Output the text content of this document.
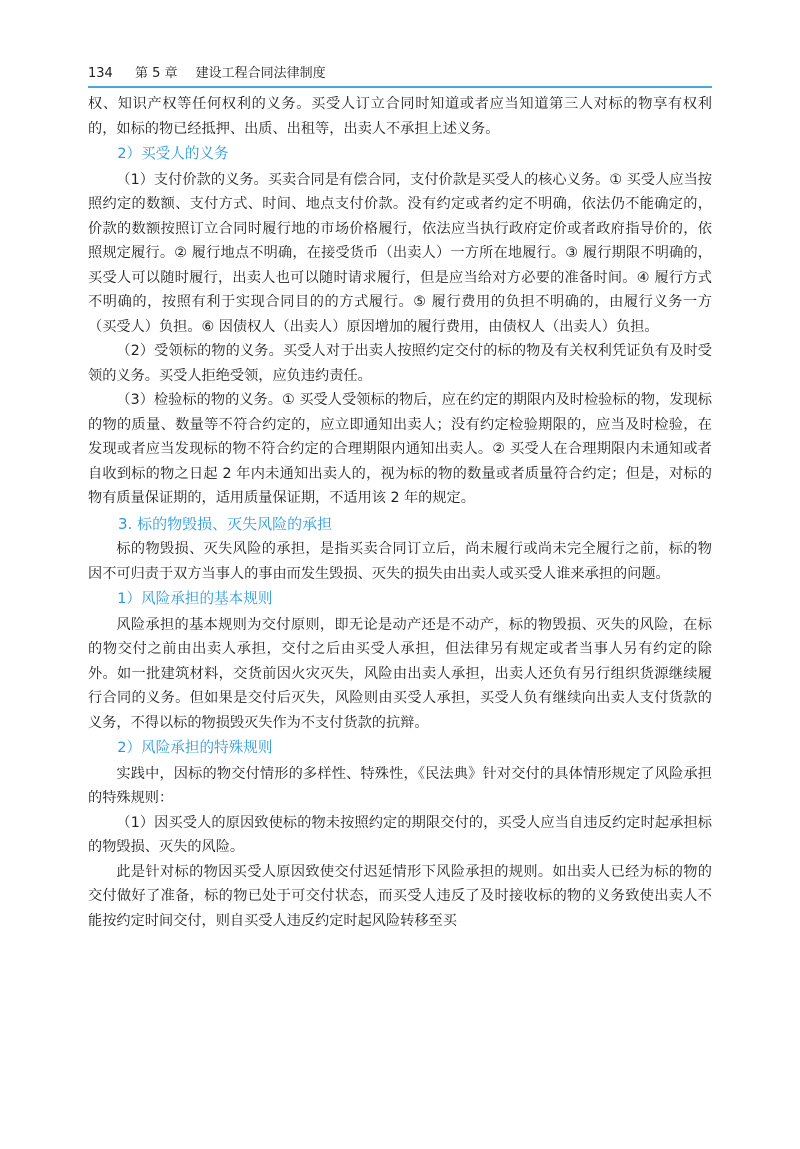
134 第 5 章 建设工程合同法律制度

权、知识产权等任何权利的义务。买受人订立合同时知道或者应当知道第三人对标的物享有权利的，如标的物已经抵押、出质、出租等，出卖人不承担上述义务。

2）买受人的义务

（1）支付价款的义务。买卖合同是有偿合同，支付价款是买受人的核心义务。① 买受人应当按照约定的数额、支付方式、时间、地点支付价款。没有约定或者约定不明确，依法仍不能确定的，价款的数额按照订立合同时履行地的市场价格履行，依法应当执行政府定价或者政府指导价的，依照规定履行。② 履行地点不明确，在接受货币（出卖人）一方所在地履行。③ 履行期限不明确的，买受人可以随时履行，出卖人也可以随时请求履行，但是应当给对方必要的准备时间。④ 履行方式不明确的，按照有利于实现合同目的的方式履行。⑤ 履行费用的负担不明确的，由履行义务一方（买受人）负担。⑥ 因债权人（出卖人）原因增加的履行费用，由债权人（出卖人）负担。

（2）受领标的物的义务。买受人对于出卖人按照约定交付的标的物及有关权利凭证负有及时受领的义务。买受人拒绝受领，应负违约责任。

（3）检验标的物的义务。① 买受人受领标的物后，应在约定的期限内及时检验标的物，发现标的物的质量、数量等不符合约定的，应立即通知出卖人；没有约定检验期限的，应当及时检验，在发现或者应当发现标的物不符合约定的合理期限内通知出卖人。② 买受人在合理期限内未通知或者自收到标的物之日起 2 年内未通知出卖人的，视为标的物的数量或者质量符合约定；但是，对标的物有质量保证期的，适用质量保证期，不适用该 2 年的规定。

3. 标的物毁损、灭失风险的承担

标的物毁损、灭失风险的承担，是指买卖合同订立后，尚未履行或尚未完全履行之前，标的物因不可归责于双方当事人的事由而发生毁损、灭失的损失由出卖人或买受人谁来承担的问题。

1）风险承担的基本规则

风险承担的基本规则为交付原则，即无论是动产还是不动产，标的物毁损、灭失的风险，在标的物交付之前由出卖人承担，交付之后由买受人承担，但法律另有规定或者当事人另有约定的除外。如一批建筑材料，交货前因火灾灭失，风险由出卖人承担，出卖人还负有另行组织货源继续履行合同的义务。但如果是交付后灭失，风险则由买受人承担，买受人负有继续向出卖人支付货款的义务，不得以标的物损毁灭失作为不支付货款的抗辩。

2）风险承担的特殊规则

实践中，因标的物交付情形的多样性、特殊性，《民法典》针对交付的具体情形规定了风险承担的特殊规则：

（1）因买受人的原因致使标的物未按照约定的期限交付的，买受人应当自违反约定时起承担标的物毁损、灭失的风险。

此是针对标的物因买受人原因致使交付迟延情形下风险承担的规则。如出卖人已经为标的物的交付做好了准备，标的物已处于可交付状态，而买受人违反了及时接收标的物的义务致使出卖人不能按约定时间交付，则自买受人违反约定时起风险转移至买
